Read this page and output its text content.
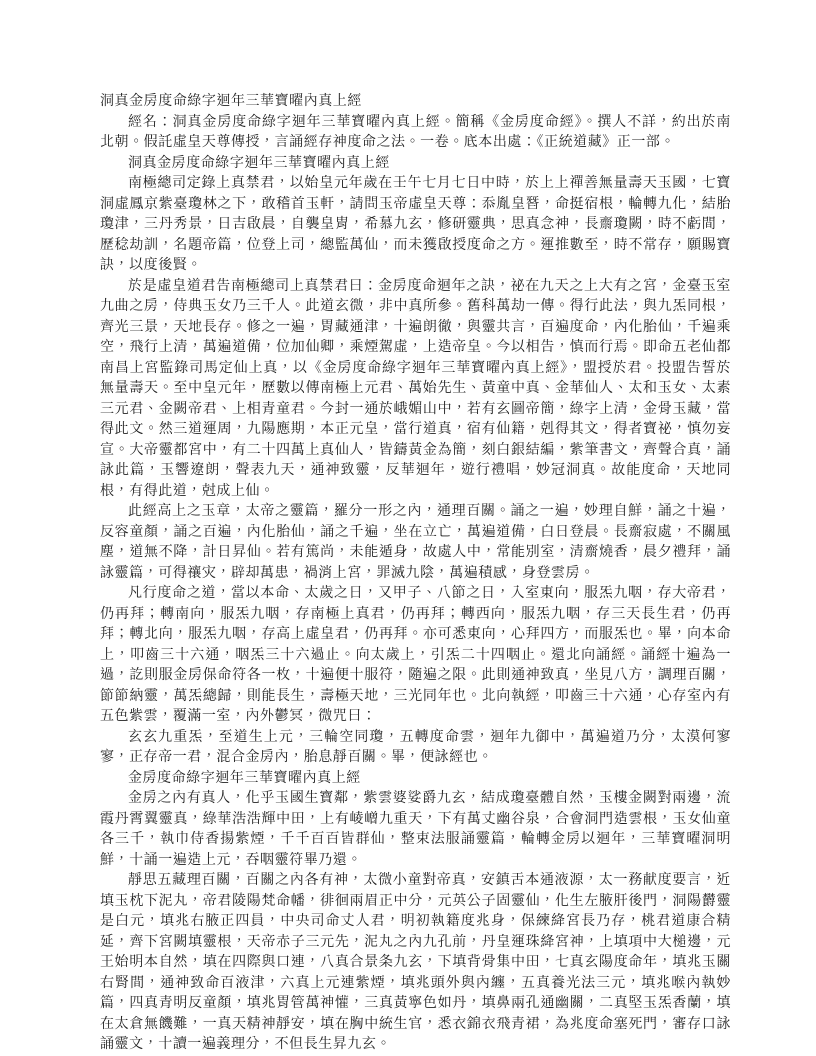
洞真金房度命綠字迴年三華寶曜內真上經

經名：洞真金房度命綠字迴年三華寶曜內真上經。簡稱《金房度命經》。撰人不詳，約出於南北朝。假託虛皇天尊傳授，言誦經存神度命之法。一卷。底本出處：《正統道藏》正一部。

洞真金房度命綠字迴年三華寶曜內真上經

南極總司定錄上真禁君，以始皇元年歲在壬午七月七日中時，於上上禪善無量壽天玉國，七寶洞虛鳳京紫臺瓊林之下，敢稽首玉軒，請問玉帝虛皇天尊：忝胤皇朁，命挺宿根，輪轉九化，結胎瓊津，三丹秀景，日吉啟晨，自襲皇胄，希慕九玄，修研靈典，思真念神，長齋瓊闕，時不虧間，歷稔劫訓，名題帝篇，位登上司，總監萬仙，而未獲啟授度命之方。運推數至，時不常存，願賜寶訣，以度後賢。

於是虛皇道君告南極總司上真禁君曰：金房度命迴年之訣，祕在九天之上大有之宮，金臺玉室九曲之房，侍典玉女乃三千人。此道玄微，非中真所參。舊科萬劫一傳。得行此法，與九炁同根，齊光三景，天地長存。修之一遍，胃藏通津，十遍朗徹，與靈共言，百遍度命，內化胎仙，千遍乘空，飛行上清，萬遍道備，位加仙卿，乘煙駕虛，上造帝皇。今以相告，慎而行焉。即命五老仙都南昌上宮監錄司馬定仙上真，以《金房度命綠字迴年三華寶曜內真上經》，盟授於君。投盟告誓於無量壽天。至中皇元年，歷數以傳南極上元君、萬始先生、黃童中真、金華仙人、太和玉女、太素三元君、金闕帝君、上相青童君。今封一通於峨媚山中，若有玄圖帝簡，綠字上清，金骨玉藏，當得此文。然三道運周，九陽應期，本正元皇，當行道真，宿有仙籍，剋得其文，得者寶祕，慎勿妄宣。大帝靈都宮中，有二十四萬上真仙人，皆鑄黃金為簡，刻白銀結編，紫筆書文，齊聲合真，誦詠此篇，玉響遼朗，聲表九天，通神致靈，反華迴年，遊行禮唱，妙冠洞真。故能度命，天地同根，有得此道，尅成上仙。

此經高上之玉章，太帝之靈篇，羅分一形之內，通理百關。誦之一遍，妙理自鮮，誦之十遍，反容童顏，誦之百遍，內化胎仙，誦之千遍，坐在立亡，萬遍道備，白日登晨。長齋寂處，不關風塵，道無不降，計日昇仙。若有篤尚，未能遁身，故處人中，常能別室，清齋燒香，晨夕禮拜，誦詠靈篇，可得禳灾，辟却萬患，禍消上宮，罪滅九陰，萬遍積感，身登雲房。

凡行度命之道，當以本命、太歲之日，又甲子、八節之日，入室東向，服炁九咽，存大帝君，仍再拜；轉南向，服炁九咽，存南極上真君，仍再拜；轉西向，服炁九咽，存三天長生君，仍再拜；轉北向，服炁九咽，存高上虛皇君，仍再拜。亦可悉東向，心拜四方，而服炁也。畢，向本命上，叩齒三十六通，咽炁三十六過止。向太歲上，引炁二十四咽止。還北向誦經。誦經十遍為一過，訖則服金房保命符各一枚，十遍便十服符，隨遍之限。此則通神致真，坐見八方，調理百關，節節納靈，萬炁總歸，則能長生，壽極天地，三光同年也。北向執經，叩齒三十六通，心存室內有五色紫雲，覆滿一室，內外鬱冥，微咒曰：

玄玄九重炁，至道生上元，三輪空同瓊，五轉度命雲，迴年九御中，萬遍道乃分，太漠何寥寥，正存帝一君，混合金房內，胎息靜百關。畢，便詠經也。

金房度命綠字迴年三華寶曜內真上經

金房之內有真人，化乎玉國生寶鄰，紫雲婆娑爵九玄，結成瓊臺體自然，玉樓金闕對兩邊，流霞丹霄翼靈真，綠華浩浩輝中田，上有崚嶒九重天，下有萬丈幽谷泉，合會洞門造雲根，玉女仙童各三千，執巾侍香揚紫煙，千千百百皆群仙，整束法服誦靈篇，輪轉金房以迴年，三華寶曜洞明鮮，十誦一遍造上元，吞咽靈符畢乃還。

靜思五藏理百關，百關之內各有神，太微小童對帝真，安鎮舌本通液源，太一務献度要言，近填玉枕下泥丸，帝君陵陽梵命幡，徘徊兩眉正中分，元英公子固靈仙，化生左腋肝後門，洞陽欝靈是白元，填兆右腋正四員，中央司命丈人君，明初執籍度兆身，保練絳宮長乃存，桃君道康合精延，齊下宮闕填靈根，天帝赤子三元先，泥丸之內九孔前，丹皇運珠絳宮神，上填項中大槌邊，元王始明本自然，填在四際與口連，八真合景条九玄，下填背骨集中田，七真玄陽度命年，填兆玉關右腎間，通神致命百液津，六真上元連紫煙，填兆頭外與內纏，五真養光法三元，填兆喉內執妙篇，四真青明反童顏，填兆胃管萬神懽，三真黃寧色如丹，填鼻兩孔通幽關，二真堅玉炁香蘭，填在太倉無饑難，一真天精神靜安，填在胸中統生官，悉衣錦衣飛青裙，為兆度命塞死門，審存口詠誦靈文，十讀一遍義理分，不但長生昇九玄。
